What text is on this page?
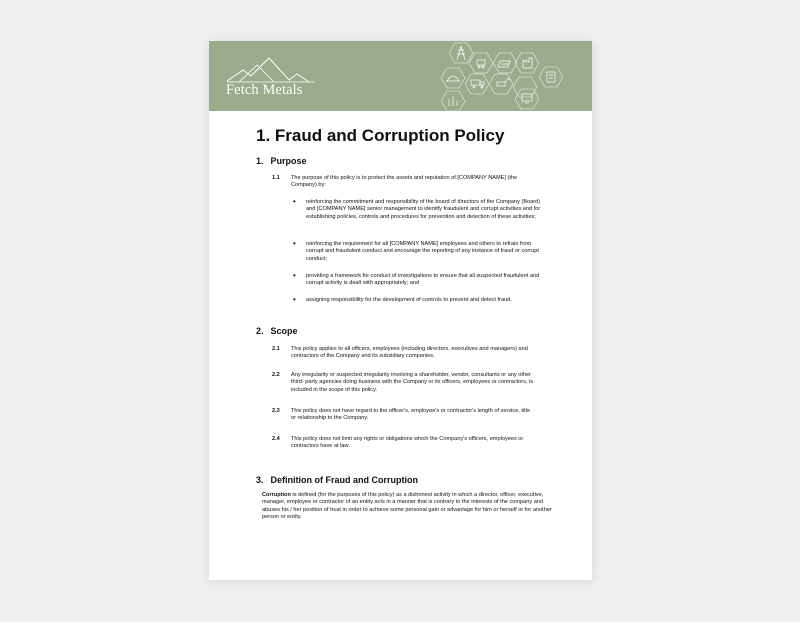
Fetch Metals
1. Fraud and Corruption Policy
1. Purpose
1.1 The purpose of this policy is to protect the assets and reputation of [COMPANY NAME] (the Company) by:
• reinforcing the commitment and responsibility of the board of directors of the Company (Board) and [COMPANY NAME] senior management to identify fraudulent and corrupt activities and for establishing policies, controls and procedures for prevention and detection of these activities;
• reinforcing the requirement for all [COMPANY NAME] employees and others to refrain from corrupt and fraudulent conduct and encourage the reporting of any instance of fraud or corrupt conduct;
• providing a framework for conduct of investigations to ensure that all suspected fraudulent and corrupt activity is dealt with appropriately; and
• assigning responsibility for the development of controls to prevent and detect fraud.
2. Scope
2.1 This policy applies to all officers, employees (including directors, executives and managers) and contractors of the Company and its subsidiary companies.
2.2 Any irregularity or suspected irregularity involving a shareholder, vendor, consultants or any other third- party agencies doing business with the Company or its officers, employees or contractors, is included in the scope of this policy.
2.3 This policy does not have regard to the officer's, employee's or contractor's length of service, title or relationship to the Company.
2.4 This policy does not limit any rights or obligations which the Company's officers, employees or contractors have at law.
3. Definition of Fraud and Corruption
Corruption is defined (for the purposes of this policy) as a dishonest activity in which a director, officer, executive, manager, employee or contractor of an entity acts in a manner that is contrary to the interests of the company and abuses his / her position of trust in order to achieve some personal gain or advantage for him or herself or for another person or entity.
